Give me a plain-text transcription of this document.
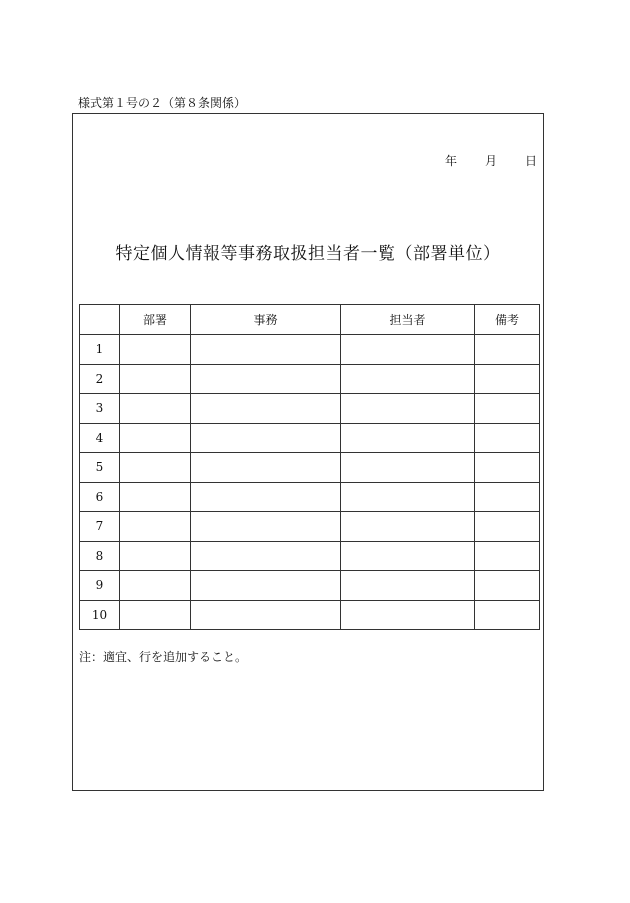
様式第１号の２（第８条関係）
年 月 日
特定個人情報等事務取扱担当者一覧（部署単位）
	部署	事務	担当者	備考
1				
2				
3				
4				
5				
6				
7				
8				
9				
10				
注：適宜、行を追加すること。
